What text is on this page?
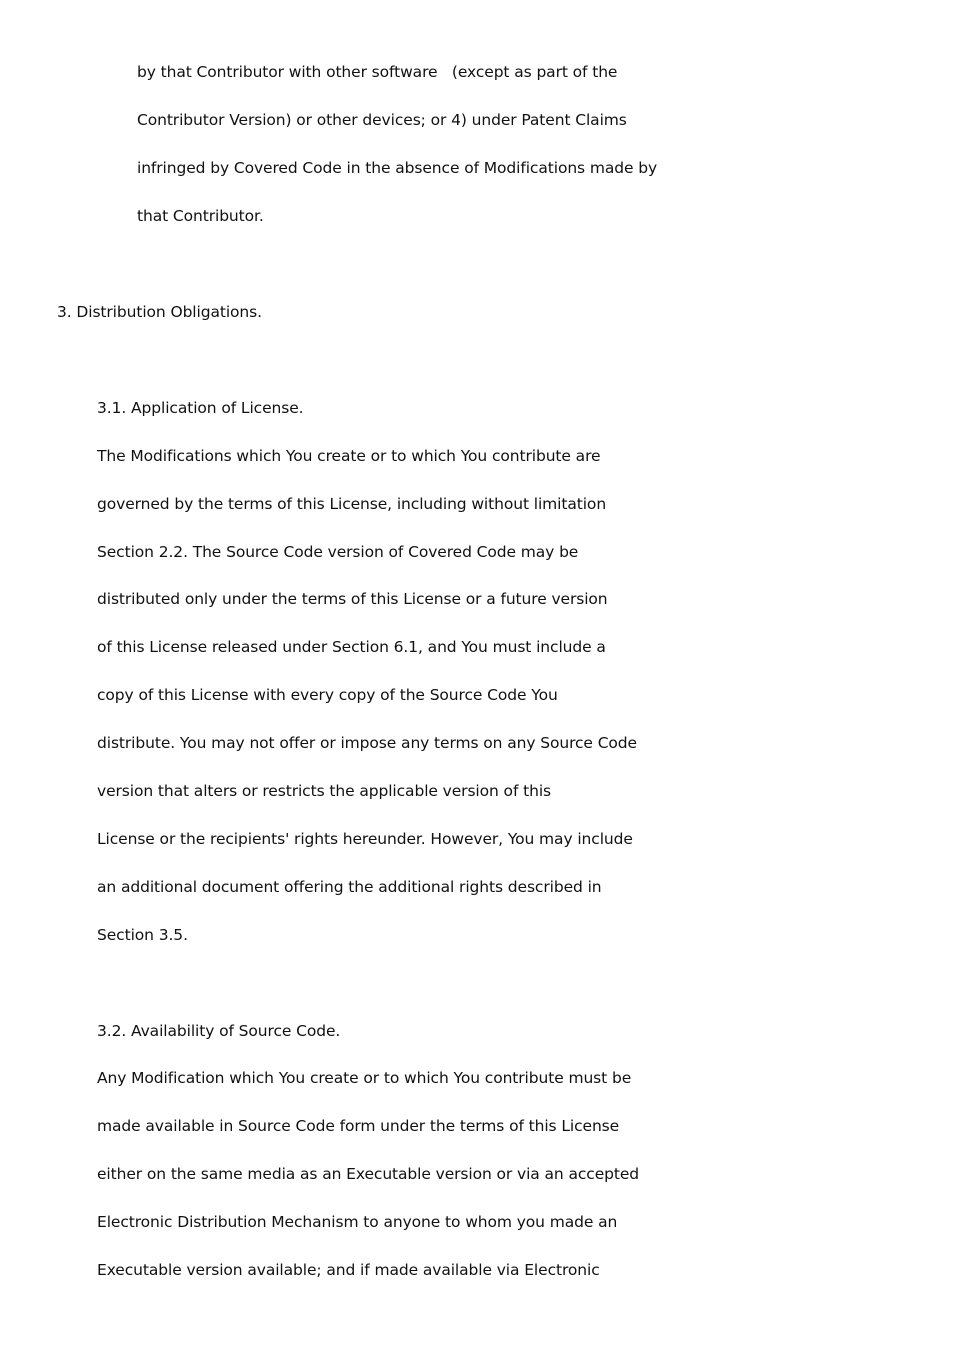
by that Contributor with other software   (except as part of the
Contributor Version) or other devices; or 4) under Patent Claims
infringed by Covered Code in the absence of Modifications made by
that Contributor.
3. Distribution Obligations.
3.1. Application of License.
The Modifications which You create or to which You contribute are
governed by the terms of this License, including without limitation
Section 2.2. The Source Code version of Covered Code may be
distributed only under the terms of this License or a future version
of this License released under Section 6.1, and You must include a
copy of this License with every copy of the Source Code You
distribute. You may not offer or impose any terms on any Source Code
version that alters or restricts the applicable version of this
License or the recipients' rights hereunder. However, You may include
an additional document offering the additional rights described in
Section 3.5.
3.2. Availability of Source Code.
Any Modification which You create or to which You contribute must be
made available in Source Code form under the terms of this License
either on the same media as an Executable version or via an accepted
Electronic Distribution Mechanism to anyone to whom you made an
Executable version available; and if made available via Electronic
